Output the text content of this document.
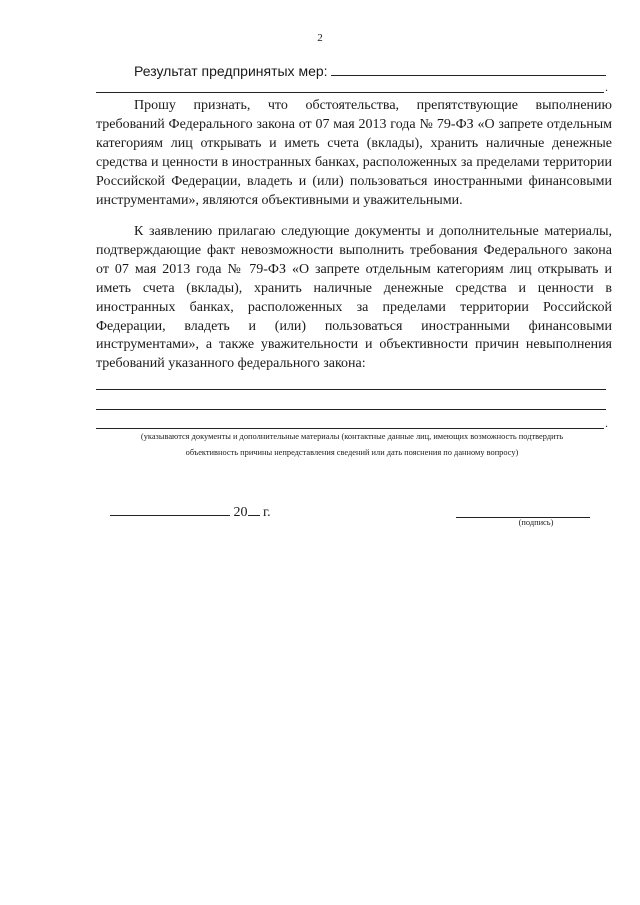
2
Результат предпринятых мер:
.

Прошу признать, что обстоятельства, препятствующие выполнению требований Федерального закона от 07 мая 2013 года № 79-ФЗ «О запрете отдельным категориям лиц открывать и иметь счета (вклады), хранить наличные денежные средства и ценности в иностранных банках, расположенных за пределами территории Российской Федерации, владеть и (или) пользоваться иностранными финансовыми инструментами», являются объективными и уважительными.

К заявлению прилагаю следующие документы и дополнительные материалы, подтверждающие факт невозможности выполнить требования Федерального закона от 07 мая 2013 года № 79-ФЗ «О запрете отдельным категориям лиц открывать и иметь счета (вклады), хранить наличные денежные средства и ценности в иностранных банках, расположенных за пределами территории Российской Федерации, владеть и (или) пользоваться иностранными финансовыми инструментами», а также уважительности и объективности причин невыполнения требований указанного федерального закона:

.
(указываются документы и дополнительные материалы (контактные данные лиц, имеющих возможность подтвердить
объективность причины непредставления сведений или дать пояснения по данному вопросу)
20 г.
(подпись)
